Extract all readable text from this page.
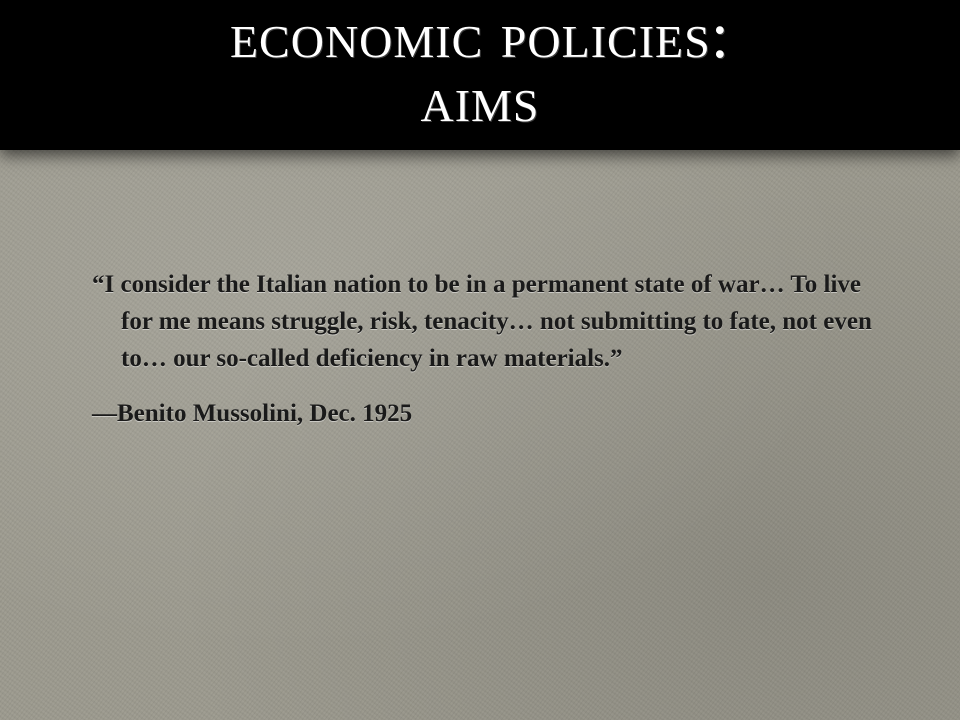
economic policies:
aims

“I consider the Italian nation to be in a permanent state of war… To live for me means struggle, risk, tenacity… not submitting to fate, not even to… our so-called deficiency in raw materials.”

—Benito Mussolini, Dec. 1925
